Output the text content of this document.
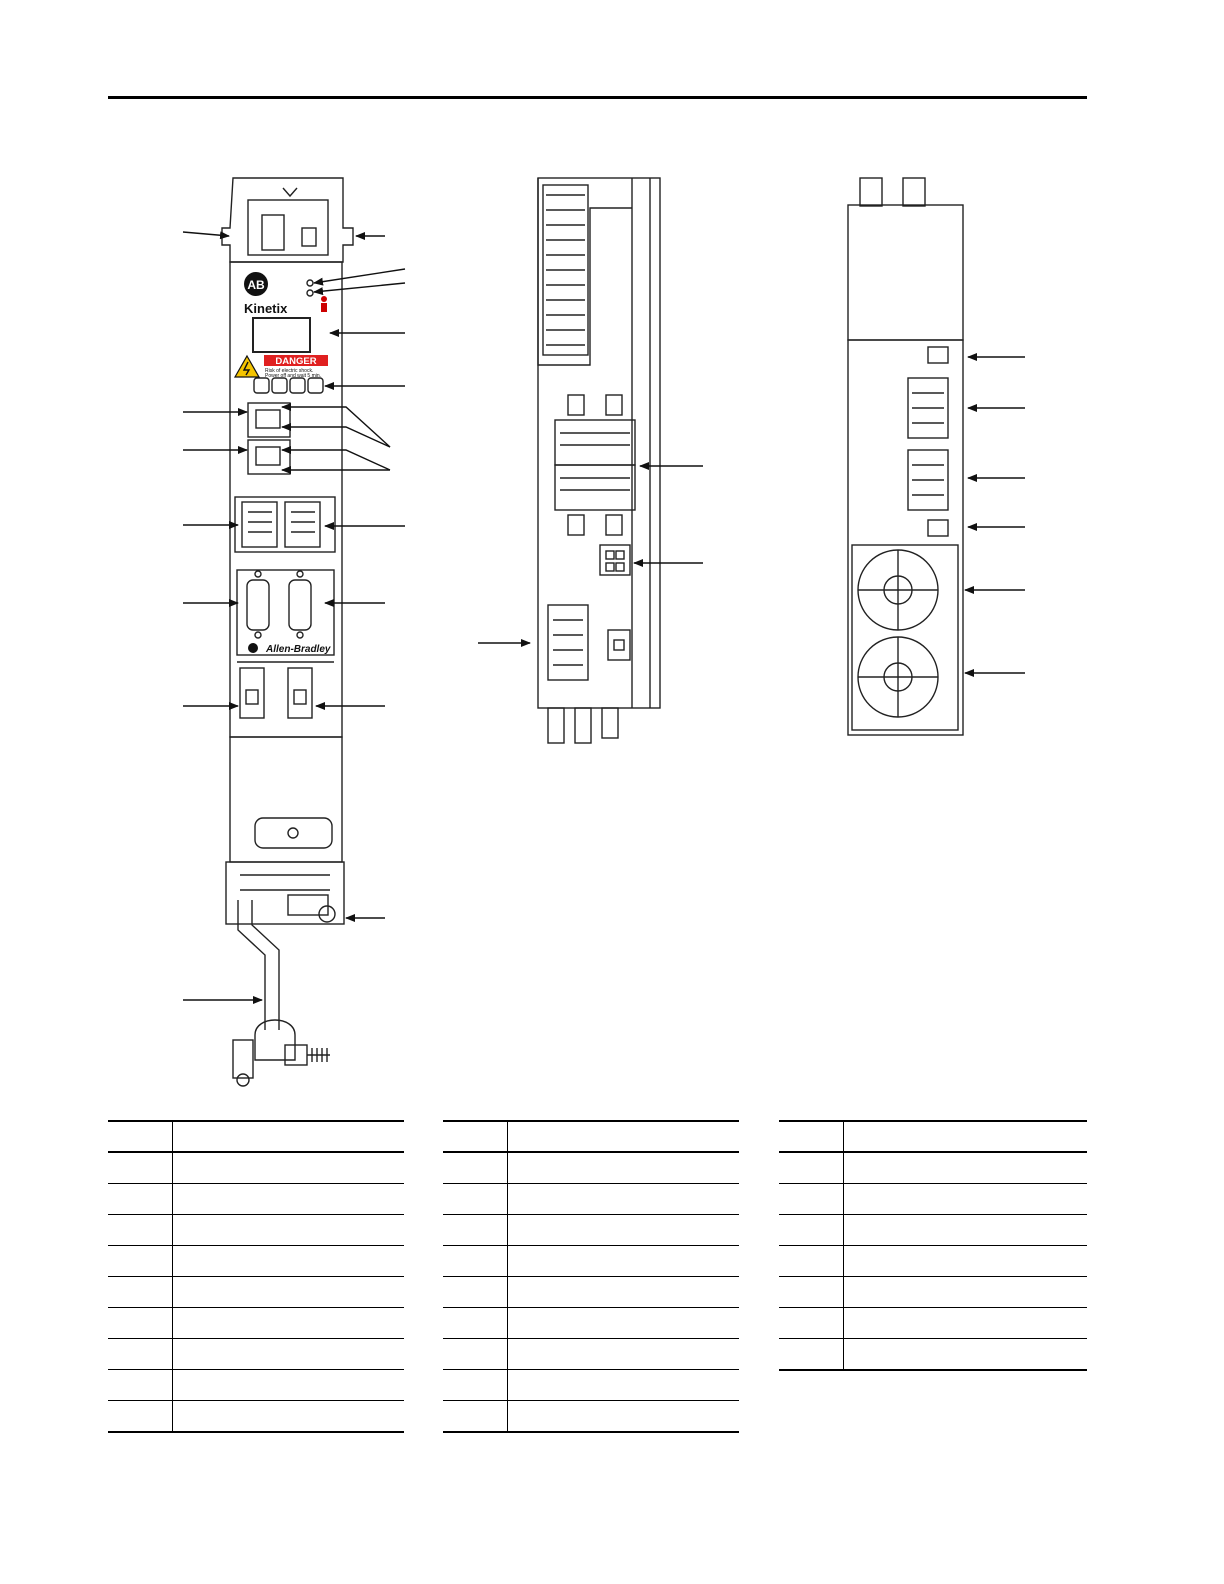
AB
Kinetix
DANGER
Risk of electric shock.
Power off and wait 5 min.
Allen-Bradley
